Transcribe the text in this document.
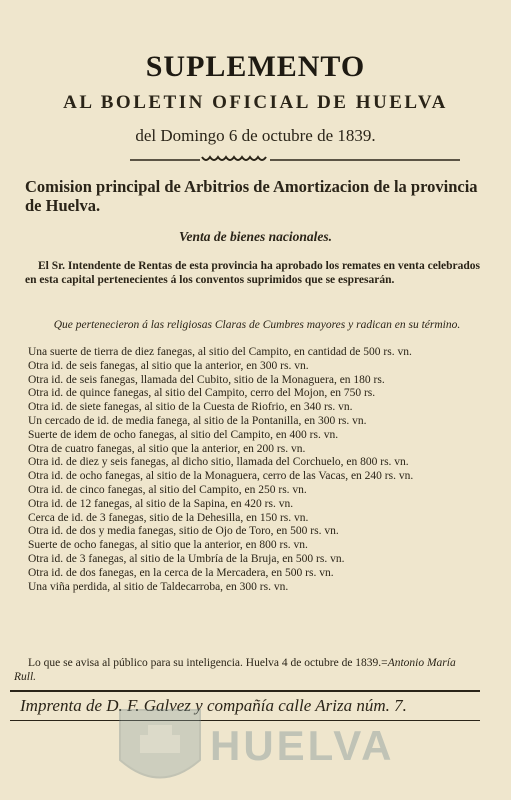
SUPLEMENTO
AL BOLETIN OFICIAL DE HUELVA
del Domingo 6 de octubre de 1839.
Comision principal de Arbitrios de Amortizacion de la provincia de Huelva.
Venta de bienes nacionales.
El Sr. Intendente de Rentas de esta provincia ha aprobado los remates en venta celebrados en esta capital pertenecientes á los conventos suprimidos que se espresarán.
Que pertenecieron á las religiosas Claras de Cumbres mayores y radican en su término.
Una suerte de tierra de diez fanegas, al sitio del Campito, en cantidad de 500 rs. vn.
Otra id. de seis fanegas, al sitio que la anterior, en 300 rs. vn.
Otra id. de seis fanegas, llamada del Cubito, sitio de la Monaguera, en 180 rs.
Otra id. de quince fanegas, al sitio del Campito, cerro del Mojon, en 750 rs.
Otra id. de siete fanegas, al sitio de la Cuesta de Riofrio, en 340 rs. vn.
Un cercado de id. de media fanega, al sitio de la Pontanilla, en 300 rs. vn.
Suerte de idem de ocho fanegas, al sitio del Campito, en 400 rs. vn.
Otra de cuatro fanegas, al sitio que la anterior, en 200 rs. vn.
Otra id. de diez y seis fanegas, al dicho sitio, llamada del Corchuelo, en 800 rs. vn.
Otra id. de ocho fanegas, al sitio de la Monaguera, cerro de las Vacas, en 240 rs. vn.
Otra id. de cinco fanegas, al sitio del Campito, en 250 rs. vn.
Otra id. de 12 fanegas, al sitio de la Sapina, en 420 rs. vn.
Cerca de id. de 3 fanegas, sitio de la Dehesilla, en 150 rs. vn.
Otra id. de dos y media fanegas, sitio de Ojo de Toro, en 500 rs. vn.
Suerte de ocho fanegas, al sitio que la anterior, en 800 rs. vn.
Otra id. de 3 fanegas, al sitio de la Umbría de la Bruja, en 500 rs. vn.
Otra id. de dos fanegas, en la cerca de la Mercadera, en 500 rs. vn.
Una viña perdida, al sitio de Taldecarroba, en 300 rs. vn.
Lo que se avisa al público para su inteligencia. Huelva 4 de octubre de 1839.=Antonio María Rull.
Imprenta de D. F. Galvez y compañía calle Ariza núm. 7.
HUELVA
